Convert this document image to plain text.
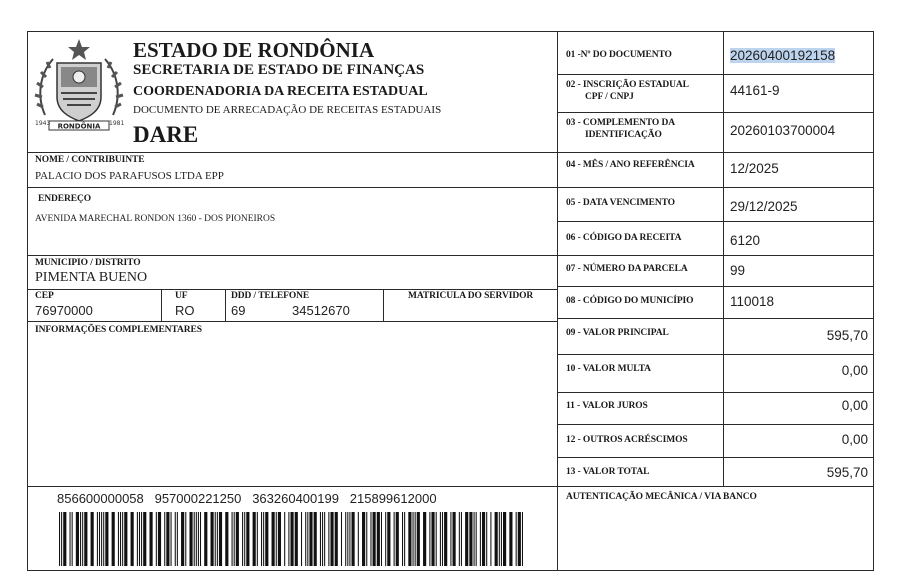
RONDÔNIA
1943	1981
ESTADO DE RONDÔNIA
SECRETARIA DE ESTADO DE FINANÇAS
COORDENADORIA DA RECEITA ESTADUAL
DOCUMENTO DE ARRECADAÇÃO DE RECEITAS ESTADUAIS
DARE
NOME / CONTRIBUINTE
PALACIO DOS PARAFUSOS LTDA EPP
ENDEREÇO
AVENIDA MARECHAL RONDON 1360 - DOS PIONEIROS
MUNICIPIO / DISTRITO
PIMENTA BUENO
CEP
76970000
UF
RO
DDD / TELEFONE
69	34512670
MATRICULA DO SERVIDOR
INFORMAÇÕES COMPLEMENTARES
01 -Nº DO DOCUMENTO	20260400192158
02 - INSCRIÇÃO ESTADUAL
CPF / CNPJ	44161-9
03 - COMPLEMENTO DA
IDENTIFICAÇÃO	20260103700004
04 - MÊS / ANO REFERÊNCIA	12/2025
05 - DATA VENCIMENTO	29/12/2025
06 - CÓDIGO DA RECEITA	6120
07 - NÚMERO DA PARCELA	99
08 - CÓDIGO DO MUNICÍPIO	110018
09 - VALOR PRINCIPAL	595,70
10 - VALOR MULTA	0,00
11 - VALOR JUROS	0,00
12 - OUTROS ACRÉSCIMOS	0,00
13 - VALOR TOTAL	595,70
856600000058   957000221250   363260400199   215899612000	AUTENTICAÇÃO MECÂNICA / VIA BANCO
